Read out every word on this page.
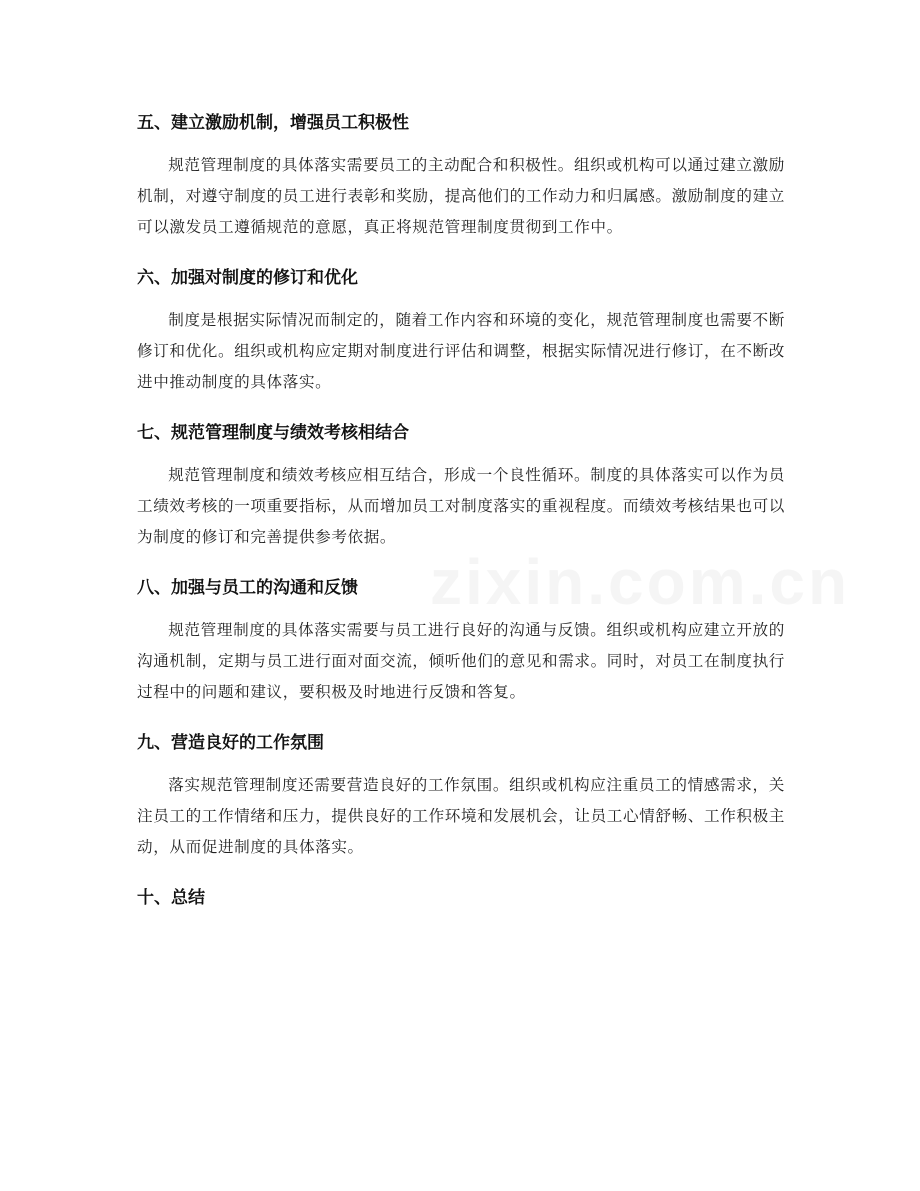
五、建立激励机制，增强员工积极性

规范管理制度的具体落实需要员工的主动配合和积极性。组织或机构可以通过建立激励机制，对遵守制度的员工进行表彰和奖励，提高他们的工作动力和归属感。激励制度的建立可以激发员工遵循规范的意愿，真正将规范管理制度贯彻到工作中。

六、加强对制度的修订和优化

制度是根据实际情况而制定的，随着工作内容和环境的变化，规范管理制度也需要不断修订和优化。组织或机构应定期对制度进行评估和调整，根据实际情况进行修订，在不断改进中推动制度的具体落实。

七、规范管理制度与绩效考核相结合

规范管理制度和绩效考核应相互结合，形成一个良性循环。制度的具体落实可以作为员工绩效考核的一项重要指标，从而增加员工对制度落实的重视程度。而绩效考核结果也可以为制度的修订和完善提供参考依据。

八、加强与员工的沟通和反馈

规范管理制度的具体落实需要与员工进行良好的沟通与反馈。组织或机构应建立开放的沟通机制，定期与员工进行面对面交流，倾听他们的意见和需求。同时，对员工在制度执行过程中的问题和建议，要积极及时地进行反馈和答复。

九、营造良好的工作氛围

落实规范管理制度还需要营造良好的工作氛围。组织或机构应注重员工的情感需求，关注员工的工作情绪和压力，提供良好的工作环境和发展机会，让员工心情舒畅、工作积极主动，从而促进制度的具体落实。

十、总结
zixin.com.cn
